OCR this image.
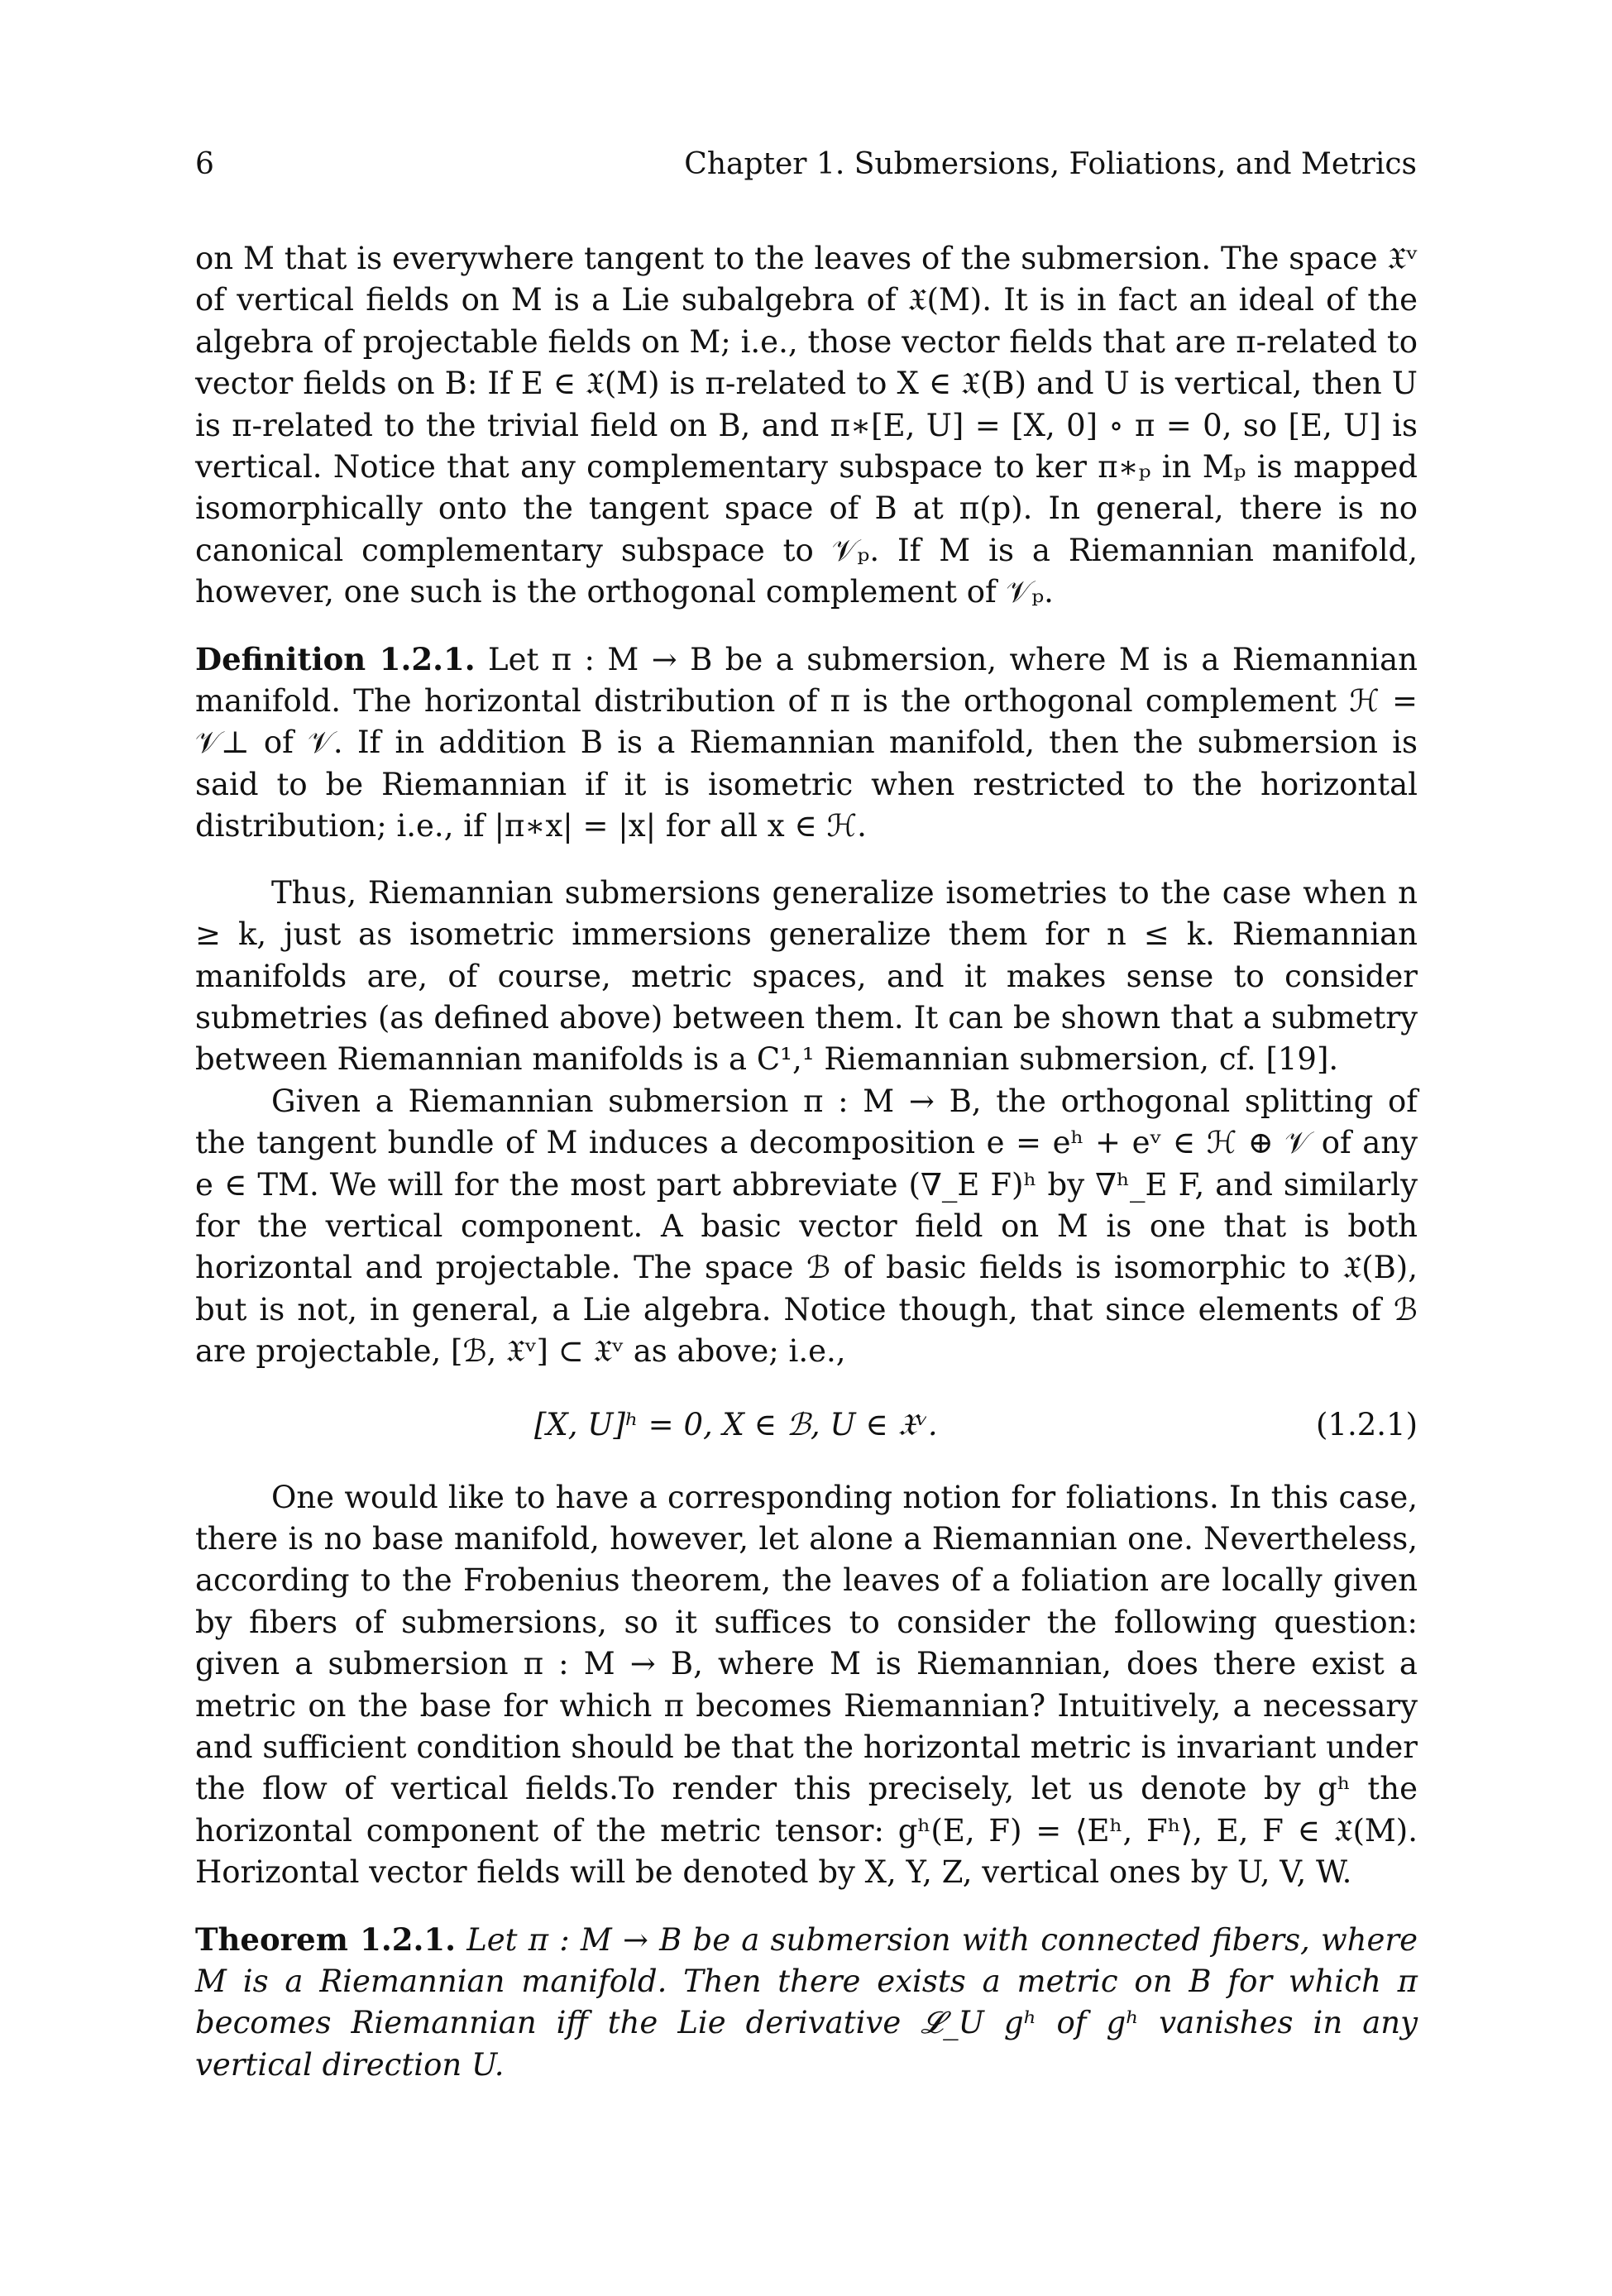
6	Chapter 1. Submersions, Foliations, and Metrics

on M that is everywhere tangent to the leaves of the submersion. The space 𝔛ᵛ of vertical fields on M is a Lie subalgebra of 𝔛(M). It is in fact an ideal of the algebra of projectable fields on M; i.e., those vector fields that are π-related to vector fields on B: If E ∈ 𝔛(M) is π-related to X ∈ 𝔛(B) and U is vertical, then U is π-related to the trivial field on B, and π∗[E, U] = [X, 0] ∘ π = 0, so [E, U] is vertical. Notice that any complementary subspace to ker π∗ₚ in Mₚ is mapped isomorphically onto the tangent space of B at π(p). In general, there is no canonical complementary subspace to 𝒱ₚ. If M is a Riemannian manifold, however, one such is the orthogonal complement of 𝒱ₚ.

Definition 1.2.1. Let π : M → B be a submersion, where M is a Riemannian manifold. The horizontal distribution of π is the orthogonal complement ℋ = 𝒱⊥ of 𝒱. If in addition B is a Riemannian manifold, then the submersion is said to be Riemannian if it is isometric when restricted to the horizontal distribution; i.e., if |π∗x| = |x| for all x ∈ ℋ.

Thus, Riemannian submersions generalize isometries to the case when n ≥ k, just as isometric immersions generalize them for n ≤ k. Riemannian manifolds are, of course, metric spaces, and it makes sense to consider submetries (as defined above) between them. It can be shown that a submetry between Riemannian manifolds is a C¹,¹ Riemannian submersion, cf. [19].

Given a Riemannian submersion π : M → B, the orthogonal splitting of the tangent bundle of M induces a decomposition e = eʰ + eᵛ ∈ ℋ ⊕ 𝒱 of any e ∈ TM. We will for the most part abbreviate (∇_E F)ʰ by ∇ʰ_E F, and similarly for the vertical component. A basic vector field on M is one that is both horizontal and projectable. The space ℬ of basic fields is isomorphic to 𝔛(B), but is not, in general, a Lie algebra. Notice though, that since elements of ℬ are projectable, [ℬ, 𝔛ᵛ] ⊂ 𝔛ᵛ as above; i.e.,

[X, U]ʰ = 0, X ∈ ℬ, U ∈ 𝔛ᵛ.	(1.2.1)

One would like to have a corresponding notion for foliations. In this case, there is no base manifold, however, let alone a Riemannian one. Nevertheless, according to the Frobenius theorem, the leaves of a foliation are locally given by fibers of submersions, so it suffices to consider the following question: given a submersion π : M → B, where M is Riemannian, does there exist a metric on the base for which π becomes Riemannian? Intuitively, a necessary and sufficient condition should be that the horizontal metric is invariant under the flow of vertical fields.To render this precisely, let us denote by gʰ the horizontal component of the metric tensor: gʰ(E, F) = ⟨Eʰ, Fʰ⟩, E, F ∈ 𝔛(M). Horizontal vector fields will be denoted by X, Y, Z, vertical ones by U, V, W.

Theorem 1.2.1. Let π : M → B be a submersion with connected fibers, where M is a Riemannian manifold. Then there exists a metric on B for which π becomes Riemannian iff the Lie derivative 𝓛_U gʰ of gʰ vanishes in any vertical direction U.
